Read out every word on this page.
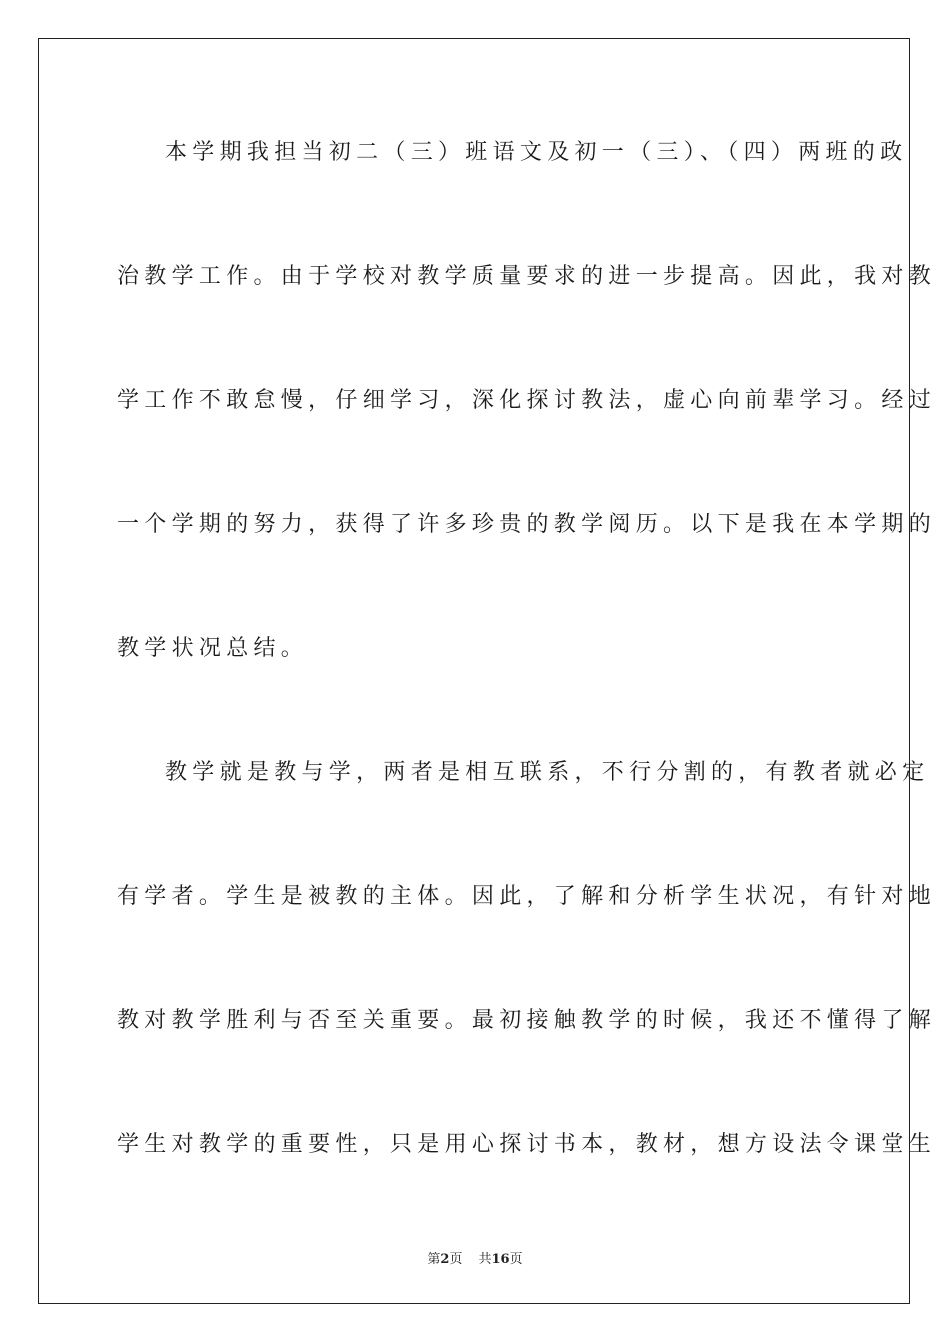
本学期我担当初二（三）班语文及初一（三）、（四）两班的政
治教学工作。由于学校对教学质量要求的进一步提高。因此，我对教
学工作不敢怠慢，仔细学习，深化探讨教法，虚心向前辈学习。经过
一个学期的努力，获得了许多珍贵的教学阅历。以下是我在本学期的
教学状况总结。
教学就是教与学，两者是相互联系，不行分割的，有教者就必定
有学者。学生是被教的主体。因此，了解和分析学生状况，有针对地
教对教学胜利与否至关重要。最初接触教学的时候，我还不懂得了解
学生对教学的重要性，只是用心探讨书本，教材，想方设法令课堂生
第2页 共16页
